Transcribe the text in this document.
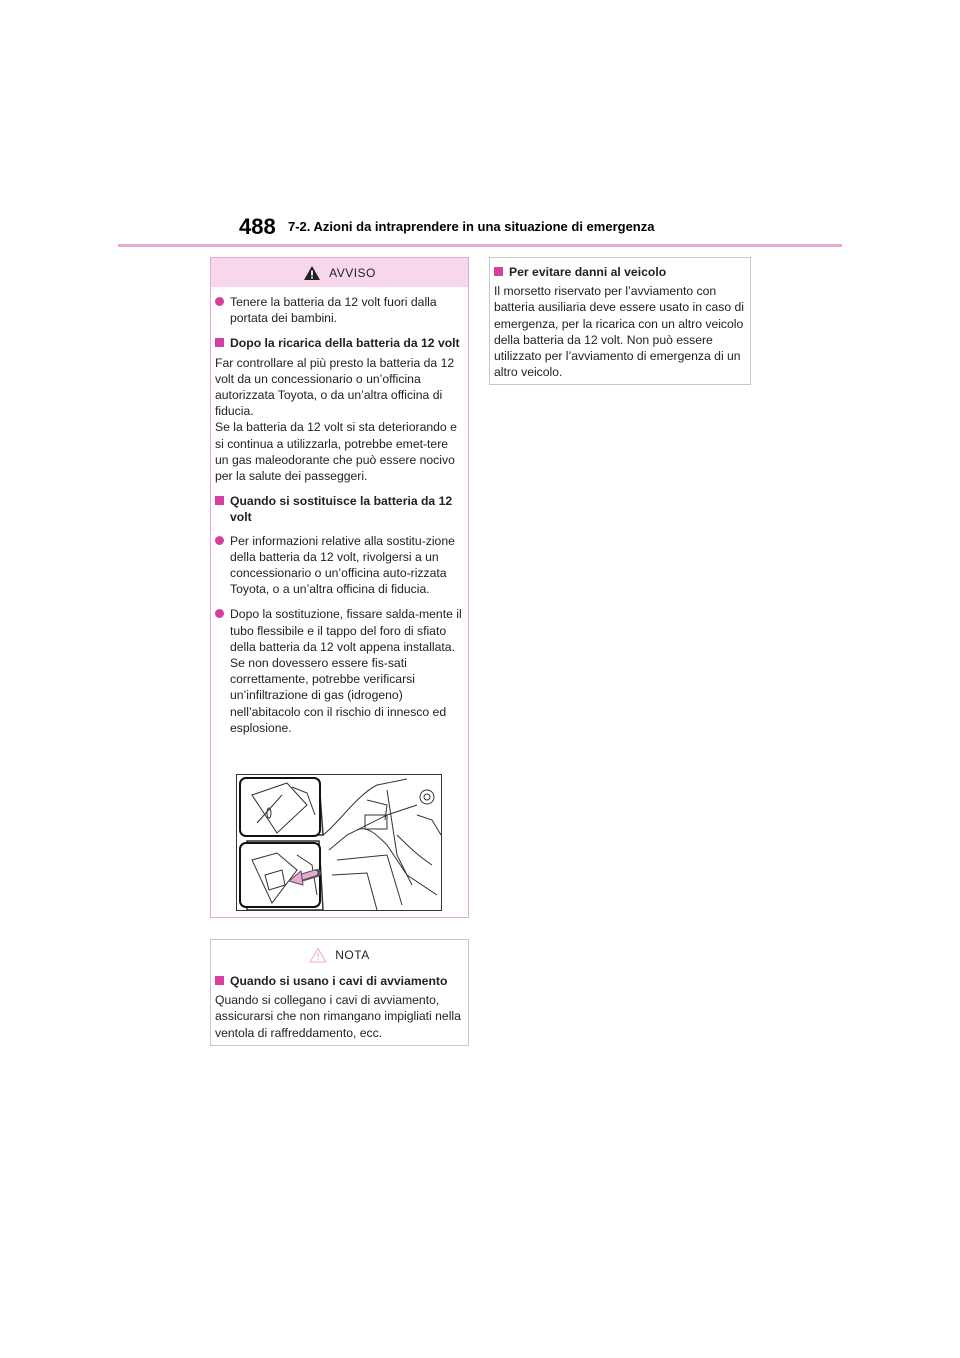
488 7-2. Azioni da intraprendere in una situazione di emergenza
AVVISO
Tenere la batteria da 12 volt fuori dalla portata dei bambini.
Dopo la ricarica della batteria da 12 volt
Far controllare al più presto la batteria da 12 volt da un concessionario o un’officina autorizzata Toyota, o da un’altra officina di fiducia.
Se la batteria da 12 volt si sta deteriorando e si continua a utilizzarla, potrebbe emet-tere un gas maleodorante che può essere nocivo per la salute dei passeggeri.
Quando si sostituisce la batteria da 12 volt
Per informazioni relative alla sostitu-zione della batteria da 12 volt, rivolgersi a un concessionario o un’officina auto-rizzata Toyota, o a un’altra officina di fiducia.
Dopo la sostituzione, fissare salda-mente il tubo flessibile e il tappo del foro di sfiato della batteria da 12 volt appena installata. Se non dovessero essere fis-sati correttamente, potrebbe verificarsi un’infiltrazione di gas (idrogeno) nell’abitacolo con il rischio di innesco ed esplosione.
NOTA
Quando si usano i cavi di avviamento
Quando si collegano i cavi di avviamento, assicurarsi che non rimangano impigliati nella ventola di raffreddamento, ecc.
Per evitare danni al veicolo
Il morsetto riservato per l’avviamento con batteria ausiliaria deve essere usato in caso di emergenza, per la ricarica con un altro veicolo della batteria da 12 volt. Non può essere utilizzato per l’avviamento di emergenza di un altro veicolo.
